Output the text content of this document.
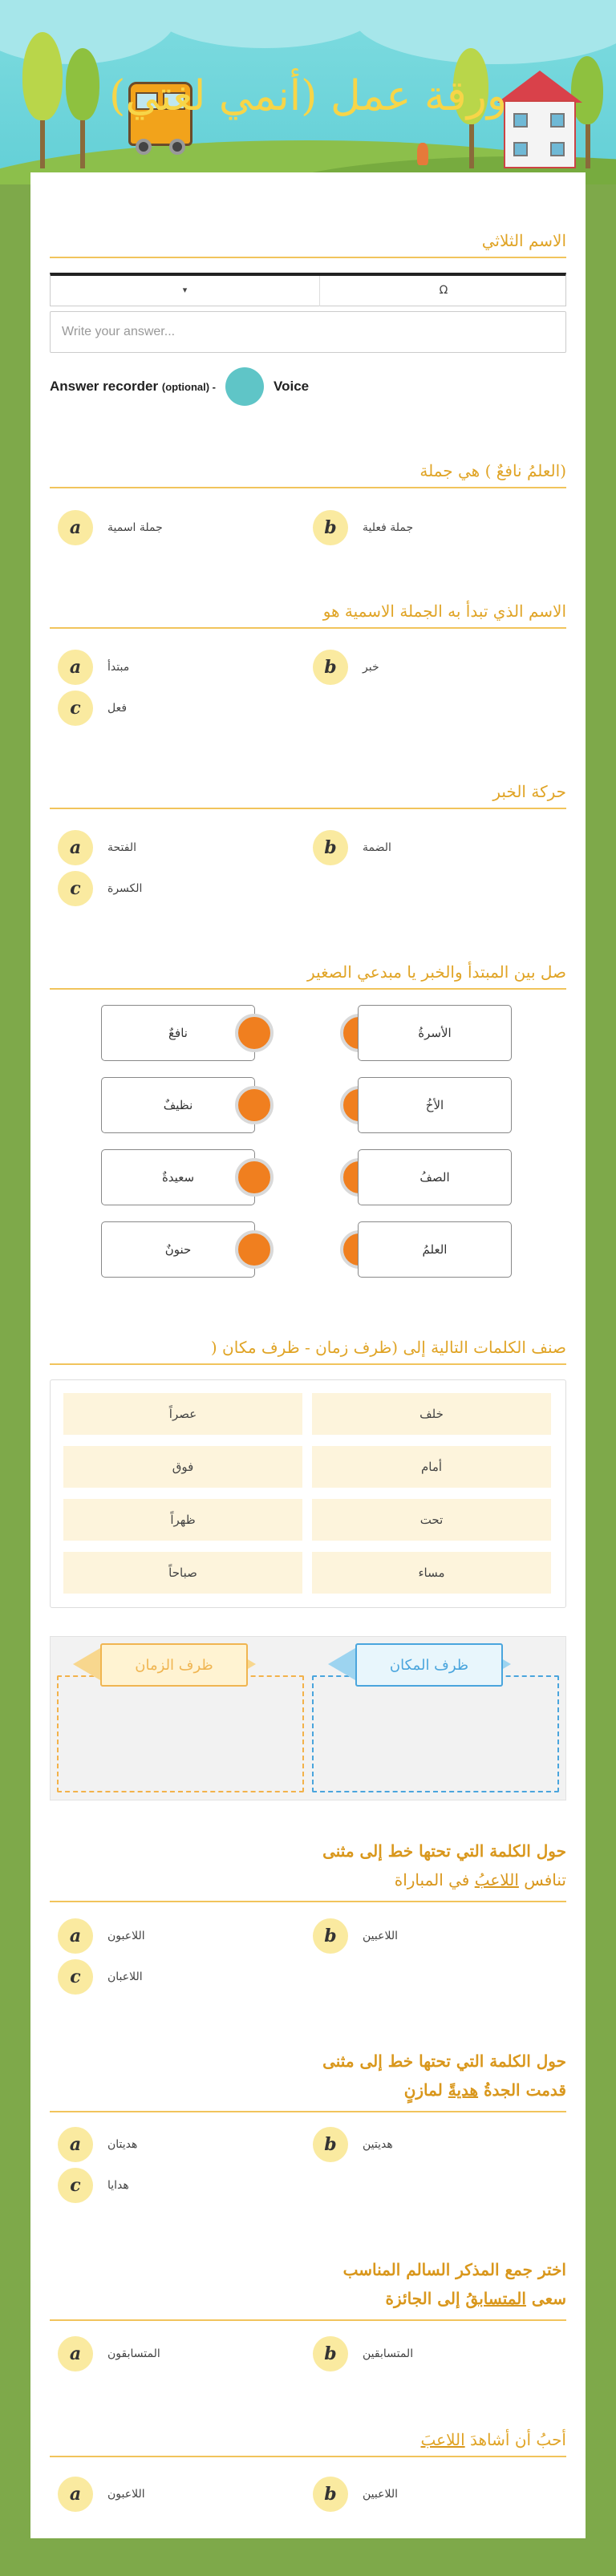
ورقة عمل (أنمي لغتي)
الاسم الثلاثي
▾	Ω
Write your answer...
Answer recorder (optional) -	Voice
(العلمُ نافعٌ ) هي جملة
a	جملة اسمية	b	جملة فعلية
الاسم الذي تبدأ به الجملة الاسمية هو
a	مبتدأ	b	خبر
c	فعل
حركة الخبر
a	الفتحة	b	الضمة
c	الكسرة
صل بين المبتدأ والخبر يا مبدعي الصغير
نافعٌ	الأسرةُ
نظيفٌ	الأخُ
سعيدةٌ	الصفُ
حنونٌ	العلمُ
صنف الكلمات التالية إلى (ظرف زمان - ظرف مكان (
عصراً	خلف
فوق	أمام
ظهراً	تحت
صباحاً	مساء
ظرف الزمان	ظرف المكان
حول الكلمة التي تحتها خط إلى مثنى
تنافس اللاعبُ في المباراة
a	اللاعبون	b	اللاعبين
c	اللاعبان
حول الكلمة التي تحتها خط إلى مثنى
قدمت الجدةُ هديةً لمازنٍ
a	هديتان	b	هديتين
c	هدايا
اختر جمع المذكر السالم المناسب
سعى المتسابقُ إلى الجائزة
a	المتسابقون	b	المتسابقين
أحبُ أن أشاهدَ اللاعبَ
a	اللاعبون	b	اللاعبين
